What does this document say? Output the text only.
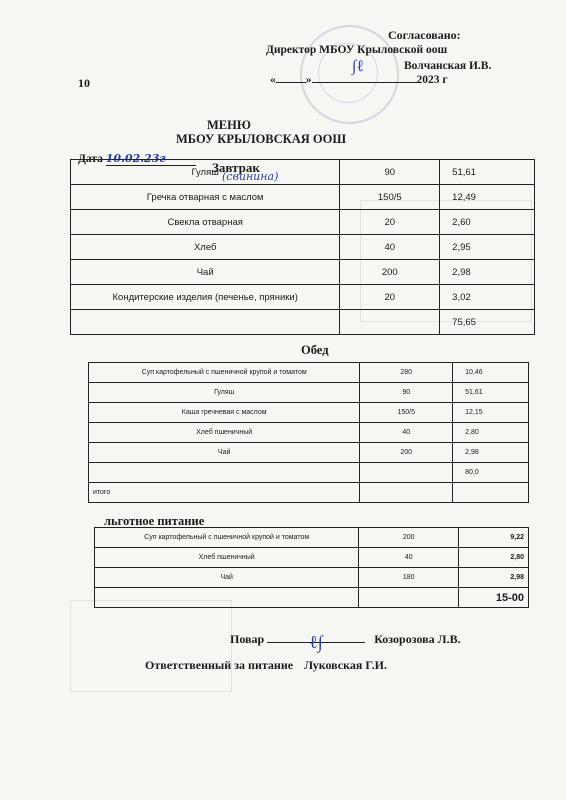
10
Согласовано:
Директор МБОУ Крыловской оош
Волчанская И.В.
∫ℓ
«	»	2023 г
МЕНЮ
МБОУ КРЫЛОВСКАЯ ООШ
Дата 10.02.23г
Завтрак
(свинина)
Гуляш	90	51,61
Гречка отварная с маслом	150/5	12,49
Свекла отварная	20	2,60
Хлеб	40	2,95
Чай	200	2,98
Кондитерские изделия (печенье, пряники)	20	3,02
		75,65
Обед
Суп картофельный с пшеничной крупой и томатом	280	10,46
Гуляш	90	51,61
Каша гречневая с маслом	150/5	12,15
Хлеб пшеничный	40	2,80
Чай	200	2,98
		80,0
итого		
льготное питание
Суп картофельный с пшеничной крупой и томатом	200	9,22
Хлеб пшеничный	40	2,80
Чай	180	2,98
		15-00
Повар	ℓ∫	Козорозова Л.В.
Ответственный за питание Луковская Г.И.
